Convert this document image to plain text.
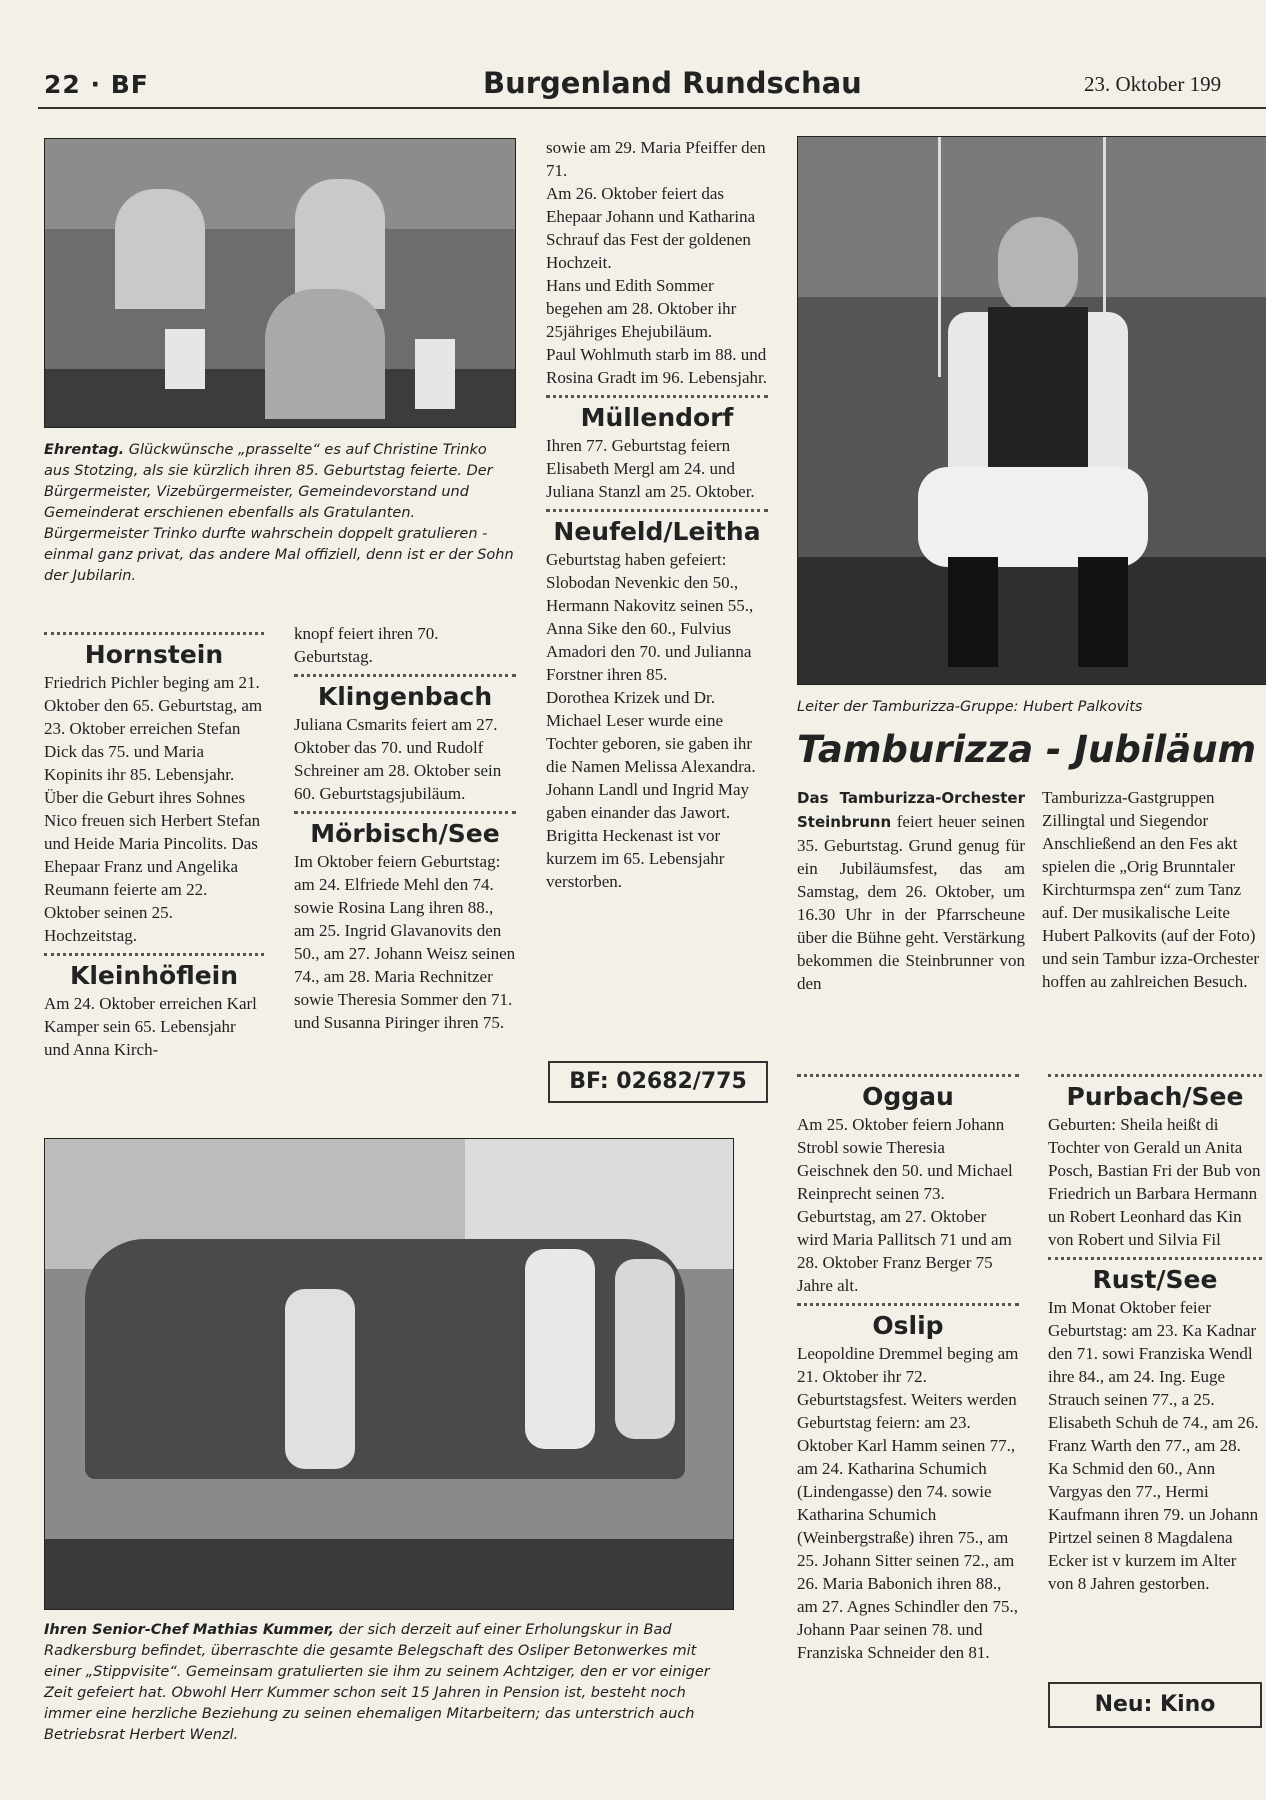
22 · BF	Burgenland Rundschau	23. Oktober 199
Ehrentag. Glückwünsche „prasselte“ es auf Christine Trinko aus Stotzing, als sie kürzlich ihren 85. Geburtstag feierte. Der Bürgermeister, Vizebürgermeister, Gemeindevorstand und Gemeinderat erschienen ebenfalls als Gratulanten. Bürgermeister Trinko durfte wahrschein doppelt gratulieren - einmal ganz privat, das andere Mal offiziell, denn ist er der Sohn der Jubilarin.
Hornstein

Friedrich Pichler beging am 21. Oktober den 65. Geburtstag, am 23. Oktober erreichen Stefan Dick das 75. und Maria Kopinits ihr 85. Lebensjahr. Über die Geburt ihres Sohnes Nico freuen sich Herbert Stefan und Heide Maria Pincolits. Das Ehepaar Franz und Angelika Reumann feierte am 22. Oktober seinen 25. Hochzeitstag.

Kleinhöflein

Am 24. Oktober erreichen Karl Kamper sein 65. Lebensjahr und Anna Kirch-

knopf feiert ihren 70. Geburtstag.

Klingenbach

Juliana Csmarits feiert am 27. Oktober das 70. und Rudolf Schreiner am 28. Oktober sein 60. Geburtstagsjubiläum.

Mörbisch/See

Im Oktober feiern Geburtstag: am 24. Elfriede Mehl den 74. sowie Rosina Lang ihren 88., am 25. Ingrid Glavanovits den 50., am 27. Johann Weisz seinen 74., am 28. Maria Rechnitzer sowie Theresia Sommer den 71. und Susanna Piringer ihren 75.

sowie am 29. Maria Pfeiffer den 71.

Am 26. Oktober feiert das Ehepaar Johann und Katharina Schrauf das Fest der goldenen Hochzeit.

Hans und Edith Sommer begehen am 28. Oktober ihr 25jähriges Ehejubiläum.

Paul Wohlmuth starb im 88. und Rosina Gradt im 96. Lebensjahr.

Müllendorf

Ihren 77. Geburtstag feiern Elisabeth Mergl am 24. und Juliana Stanzl am 25. Oktober.

Neufeld/Leitha

Geburtstag haben gefeiert: Slobodan Nevenkic den 50., Hermann Nakovitz seinen 55., Anna Sike den 60., Fulvius Amadori den 70. und Julianna Forstner ihren 85.

Dorothea Krizek und Dr. Michael Leser wurde eine Tochter geboren, sie gaben ihr die Namen Melissa Alexandra.

Johann Landl und Ingrid May gaben einander das Jawort.

Brigitta Heckenast ist vor kurzem im 65. Lebensjahr verstorben.

BF: 02682/775
Leiter der Tamburizza-Gruppe: Hubert Palkovits
Tamburizza - Jubiläum
Das Tamburizza-Orchester Steinbrunn feiert heuer seinen 35. Geburtstag. Grund genug für ein Jubiläumsfest, das am Samstag, dem 26. Oktober, um 16.30 Uhr in der Pfarrscheune über die Bühne geht. Verstärkung bekommen die Steinbrunner von den
Tamburizza-Gastgruppen Zillingtal und Siegendor Anschließend an den Fes akt spielen die „Orig Brunntaler Kirchturmspa zen“ zum Tanz auf. Der musikalische Leite Hubert Palkovits (auf der Foto) und sein Tambur izza-Orchester hoffen au zahlreichen Besuch.
Ihren Senior-Chef Mathias Kummer, der sich derzeit auf einer Erholungskur in Bad Radkersburg befindet, überraschte die gesamte Belegschaft des Osliper Betonwerkes mit einer „Stippvisite“. Gemeinsam gratulierten sie ihm zu seinem Achtziger, den er vor einiger Zeit gefeiert hat. Obwohl Herr Kummer schon seit 15 Jahren in Pension ist, besteht noch immer eine herzliche Beziehung zu seinen ehemaligen Mitarbeitern; das unterstrich auch Betriebsrat Herbert Wenzl.
Oggau

Am 25. Oktober feiern Johann Strobl sowie Theresia Geischnek den 50. und Michael Reinprecht seinen 73. Geburtstag, am 27. Oktober wird Maria Pallitsch 71 und am 28. Oktober Franz Berger 75 Jahre alt.

Oslip

Leopoldine Dremmel beging am 21. Oktober ihr 72. Geburtstagsfest. Weiters werden Geburtstag feiern: am 23. Oktober Karl Hamm seinen 77., am 24. Katharina Schumich (Lindengasse) den 74. sowie Katharina Schumich (Weinbergstraße) ihren 75., am 25. Johann Sitter seinen 72., am 26. Maria Babonich ihren 88., am 27. Agnes Schindler den 75., Johann Paar seinen 78. und Franziska Schneider den 81.

Purbach/See

Geburten: Sheila heißt di Tochter von Gerald un Anita Posch, Bastian Fri der Bub von Friedrich un Barbara Hermann un Robert Leonhard das Kin von Robert und Silvia Fil

Rust/See

Im Monat Oktober feier Geburtstag: am 23. Ka Kadnar den 71. sowi Franziska Wendl ihre 84., am 24. Ing. Euge Strauch seinen 77., a 25. Elisabeth Schuh de 74., am 26. Franz Warth den 77., am 28. Ka Schmid den 60., Ann Vargyas den 77., Hermi Kaufmann ihren 79. un Johann Pirtzel seinen 8 Magdalena Ecker ist v kurzem im Alter von 8 Jahren gestorben.

Neu: Kino
